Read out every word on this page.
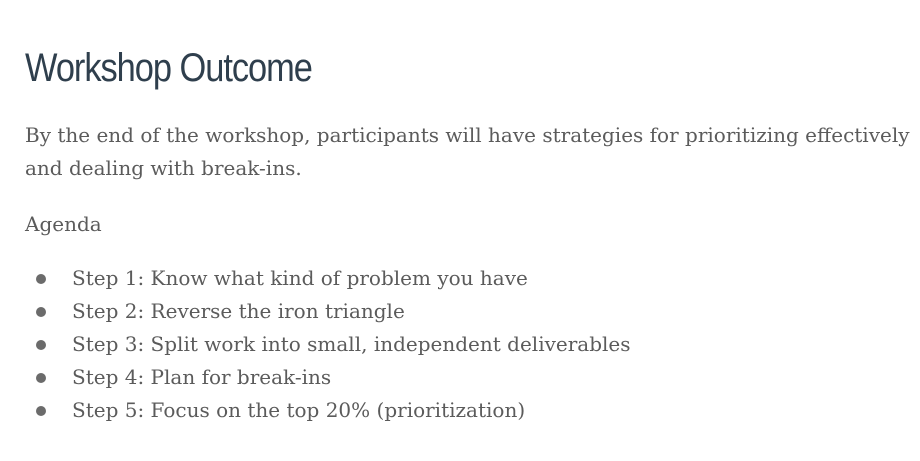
Workshop Outcome

By the end of the workshop, participants will have strategies for prioritizing effectively and dealing with break-ins.

Agenda

Step 1: Know what kind of problem you have
Step 2: Reverse the iron triangle
Step 3: Split work into small, independent deliverables
Step 4: Plan for break-ins
Step 5: Focus on the top 20% (prioritization)
